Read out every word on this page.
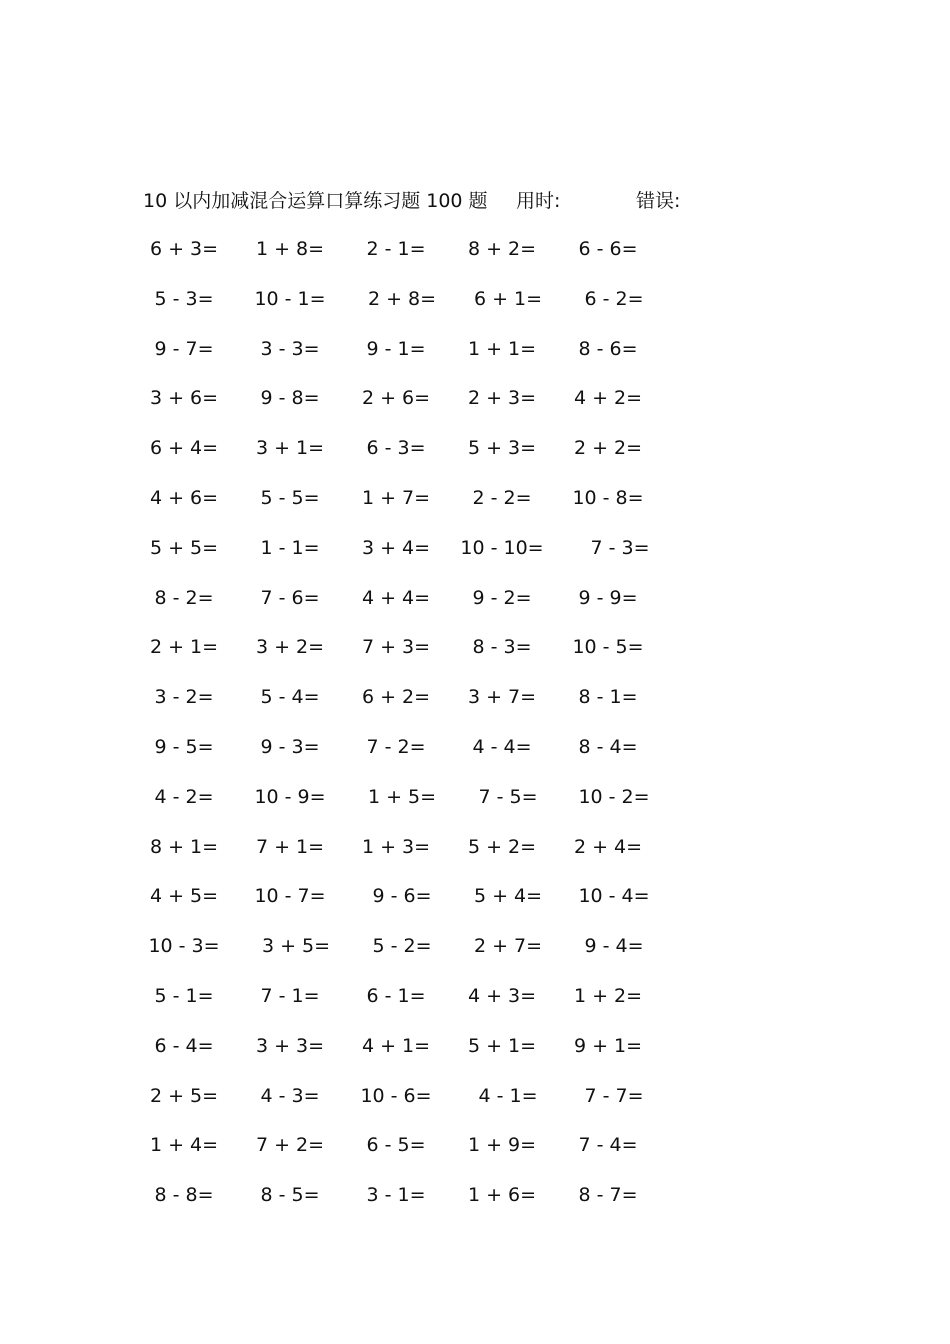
10 以内加减混合运算口算练习题 100 题 用时:	错误:
6 + 3=	1 + 8=	2 - 1=	8 + 2=	6 - 6=
5 - 3=	10 - 1=	2 + 8=	6 + 1=	6 - 2=
9 - 7=	3 - 3=	9 - 1=	1 + 1=	8 - 6=
3 + 6=	9 - 8=	2 + 6=	2 + 3=	4 + 2=
6 + 4=	3 + 1=	6 - 3=	5 + 3=	2 + 2=
4 + 6=	5 - 5=	1 + 7=	2 - 2=	10 - 8=
5 + 5=	1 - 1=	3 + 4=	10 - 10=	7 - 3=
8 - 2=	7 - 6=	4 + 4=	9 - 2=	9 - 9=
2 + 1=	3 + 2=	7 + 3=	8 - 3=	10 - 5=
3 - 2=	5 - 4=	6 + 2=	3 + 7=	8 - 1=
9 - 5=	9 - 3=	7 - 2=	4 - 4=	8 - 4=
4 - 2=	10 - 9=	1 + 5=	7 - 5=	10 - 2=
8 + 1=	7 + 1=	1 + 3=	5 + 2=	2 + 4=
4 + 5=	10 - 7=	9 - 6=	5 + 4=	10 - 4=
10 - 3=	3 + 5=	5 - 2=	2 + 7=	9 - 4=
5 - 1=	7 - 1=	6 - 1=	4 + 3=	1 + 2=
6 - 4=	3 + 3=	4 + 1=	5 + 1=	9 + 1=
2 + 5=	4 - 3=	10 - 6=	4 - 1=	7 - 7=
1 + 4=	7 + 2=	6 - 5=	1 + 9=	7 - 4=
8 - 8=	8 - 5=	3 - 1=	1 + 6=	8 - 7=
